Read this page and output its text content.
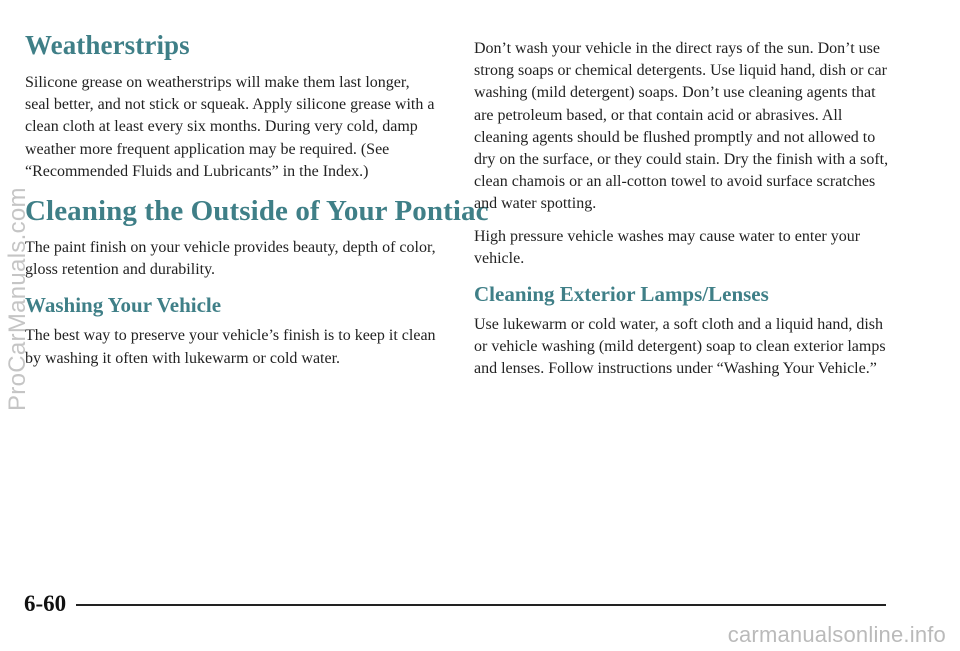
Weatherstrips

Silicone grease on weatherstrips will make them last longer, seal better, and not stick or squeak. Apply silicone grease with a clean cloth at least every six months. During very cold, damp weather more frequent application may be required. (See “Recommended Fluids and Lubricants” in the Index.)

Cleaning the Outside of Your Pontiac

The paint finish on your vehicle provides beauty, depth of color, gloss retention and durability.

Washing Your Vehicle

The best way to preserve your vehicle’s finish is to keep it clean by washing it often with lukewarm or cold water.

Don’t wash your vehicle in the direct rays of the sun. Don’t use strong soaps or chemical detergents. Use liquid hand, dish or car washing (mild detergent) soaps. Don’t use cleaning agents that are petroleum based, or that contain acid or abrasives. All cleaning agents should be flushed promptly and not allowed to dry on the surface, or they could stain. Dry the finish with a soft, clean chamois or an all-cotton towel to avoid surface scratches and water spotting.

High pressure vehicle washes may cause water to enter your vehicle.

Cleaning Exterior Lamps/Lenses

Use lukewarm or cold water, a soft cloth and a liquid hand, dish or vehicle washing (mild detergent) soap to clean exterior lamps and lenses. Follow instructions under “Washing Your Vehicle.”

6-60
ProCarManuals.com
carmanualsonline.info
